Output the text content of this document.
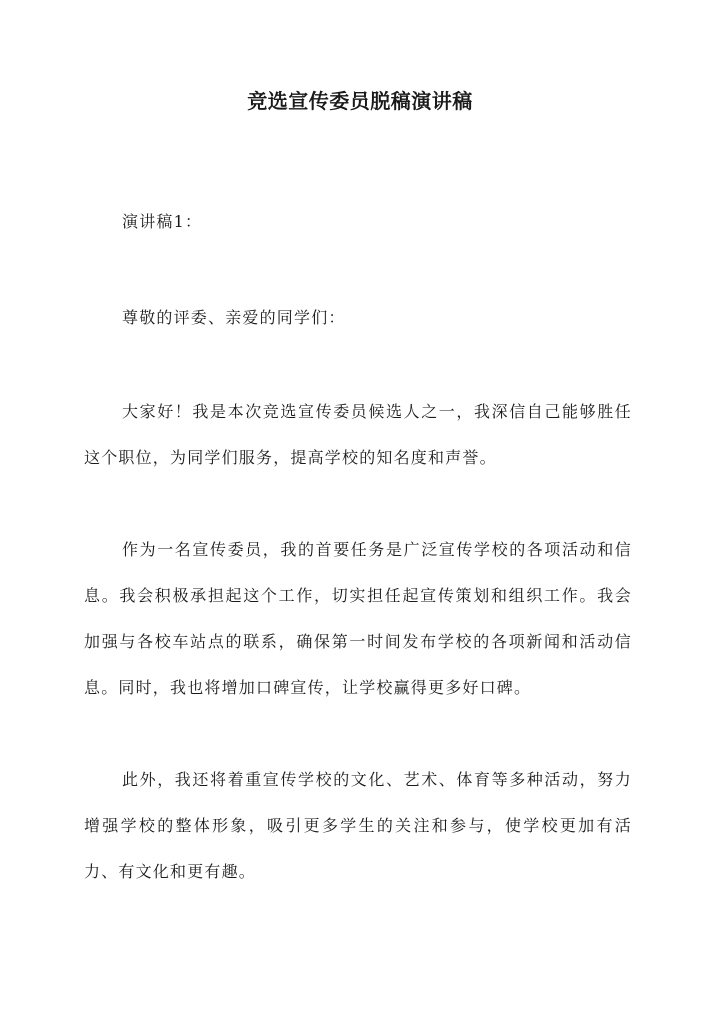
竞选宣传委员脱稿演讲稿

演讲稿1：

尊敬的评委、亲爱的同学们：

大家好！我是本次竞选宣传委员候选人之一，我深信自己能够胜任这个职位，为同学们服务，提高学校的知名度和声誉。

作为一名宣传委员，我的首要任务是广泛宣传学校的各项活动和信息。我会积极承担起这个工作，切实担任起宣传策划和组织工作。我会加强与各校车站点的联系，确保第一时间发布学校的各项新闻和活动信息。同时，我也将增加口碑宣传，让学校赢得更多好口碑。

此外，我还将着重宣传学校的文化、艺术、体育等多种活动，努力增强学校的整体形象，吸引更多学生的关注和参与，使学校更加有活力、有文化和更有趣。
